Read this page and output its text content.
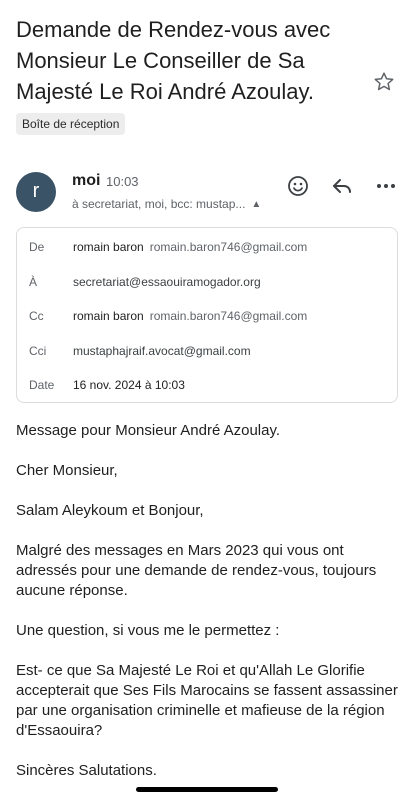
Demande de Rendez-vous avec Monsieur Le Conseiller de Sa Majesté Le Roi André Azoulay.
Boîte de réception
r	moi 10:03
à secretariat, moi, bcc: mustap... ▲
De romain baron romain.baron746@gmail.com
À	secretariat@essaouiramogador.org
Cc romain baron romain.baron746@gmail.com
Cci mustaphajraif.avocat@gmail.com
Date 16 nov. 2024 à 10:03

Message pour Monsieur André Azoulay.

Cher Monsieur,

Salam Aleykoum et Bonjour,

Malgré des messages en Mars 2023 qui vous ont adressés pour une demande de rendez-vous, toujours aucune réponse.

Une question, si vous me le permettez :

Est- ce que Sa Majesté Le Roi et qu'Allah Le Glorifie accepterait que Ses Fils Marocains se fassent assassiner par une organisation criminelle et mafieuse de la région d'Essaouira?

Sincères Salutations.
